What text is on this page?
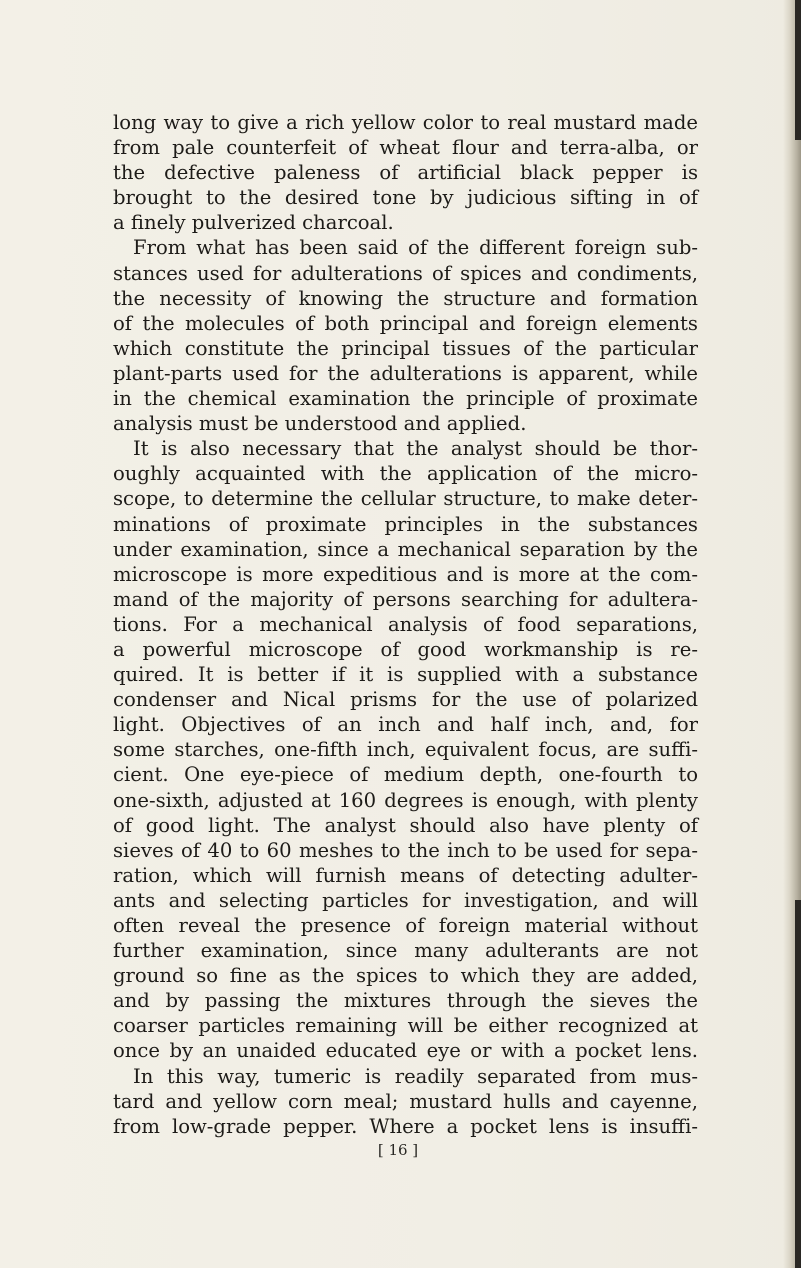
long way to give a rich yellow color to real mustard made
from pale counterfeit of wheat flour and terra-alba, or
the defective paleness of artificial black pepper is
brought to the desired tone by judicious sifting in of
a finely pulverized charcoal.
From what has been said of the different foreign sub-
stances used for adulterations of spices and condiments,
the necessity of knowing the structure and formation
of the molecules of both principal and foreign elements
which constitute the principal tissues of the particular
plant-parts used for the adulterations is apparent, while
in the chemical examination the principle of proximate
analysis must be understood and applied.
It is also necessary that the analyst should be thor-
oughly acquainted with the application of the micro-
scope, to determine the cellular structure, to make deter-
minations of proximate principles in the substances
under examination, since a mechanical separation by the
microscope is more expeditious and is more at the com-
mand of the majority of persons searching for adultera-
tions. For a mechanical analysis of food separations,
a powerful microscope of good workmanship is re-
quired. It is better if it is supplied with a substance
condenser and Nical prisms for the use of polarized
light. Objectives of an inch and half inch, and, for
some starches, one-fifth inch, equivalent focus, are suffi-
cient. One eye-piece of medium depth, one-fourth to
one-sixth, adjusted at 160 degrees is enough, with plenty
of good light. The analyst should also have plenty of
sieves of 40 to 60 meshes to the inch to be used for sepa-
ration, which will furnish means of detecting adulter-
ants and selecting particles for investigation, and will
often reveal the presence of foreign material without
further examination, since many adulterants are not
ground so fine as the spices to which they are added,
and by passing the mixtures through the sieves the
coarser particles remaining will be either recognized at
once by an unaided educated eye or with a pocket lens.
In this way, tumeric is readily separated from mus-
tard and yellow corn meal; mustard hulls and cayenne,
from low-grade pepper. Where a pocket lens is insuffi-
[ 16 ]
